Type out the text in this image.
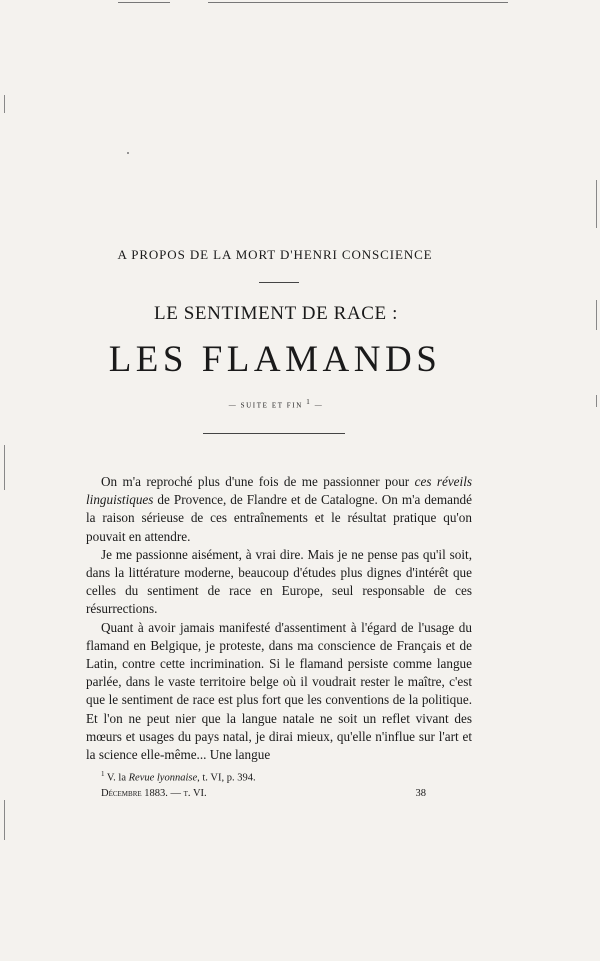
A PROPOS DE LA MORT D'HENRI CONSCIENCE
LE SENTIMENT DE RACE :
LES FLAMANDS
— SUITE ET FIN $^1$ —

On m'a reproché plus d'une fois de me passionner pour ces réveils linguistiques de Provence, de Flandre et de Catalogne. On m'a demandé la raison sérieuse de ces entraînements et le résultat pratique qu'on pouvait en attendre.

Je me passionne aisément, à vrai dire. Mais je ne pense pas qu'il soit, dans la littérature moderne, beaucoup d'études plus dignes d'intérêt que celles du sentiment de race en Europe, seul responsable de ces résurrections.

Quant à avoir jamais manifesté d'assentiment à l'égard de l'usage du flamand en Belgique, je proteste, dans ma conscience de Français et de Latin, contre cette incrimination. Si le flamand persiste comme langue parlée, dans le vaste territoire belge où il voudrait rester le maître, c'est que le sentiment de race est plus fort que les conventions de la politique. Et l'on ne peut nier que la langue natale ne soit un reflet vivant des mœurs et usages du pays natal, je dirai mieux, qu'elle n'influe sur l'art et la science elle-même... Une langue

$^1$ V. la Revue lyonnaise, t. VI, p. 394.
Décembre 1883. — t. VI.	38
